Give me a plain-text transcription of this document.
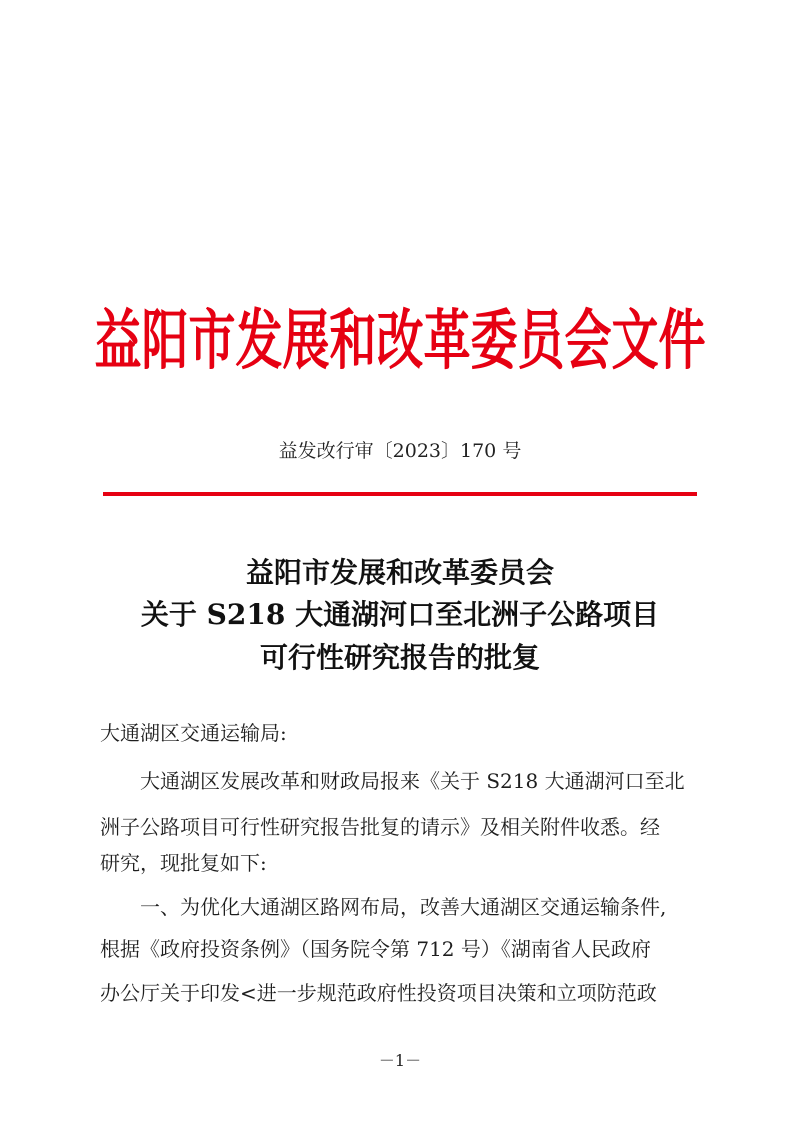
益阳市发展和改革委员会文件
益发改行审〔2023〕170 号
益阳市发展和改革委员会
关于 S218 大通湖河口至北洲子公路项目
可行性研究报告的批复
大通湖区交通运输局:
大通湖区发展改革和财政局报来《关于 S218 大通湖河口至北
洲子公路项目可行性研究报告批复的请示》及相关附件收悉。经
研究，现批复如下:
一、为优化大通湖区路网布局，改善大通湖区交通运输条件,
根据《政府投资条例》（国务院令第 712 号）《湖南省人民政府
办公厅关于印发<进一步规范政府性投资项目决策和立项防范政
－1－
